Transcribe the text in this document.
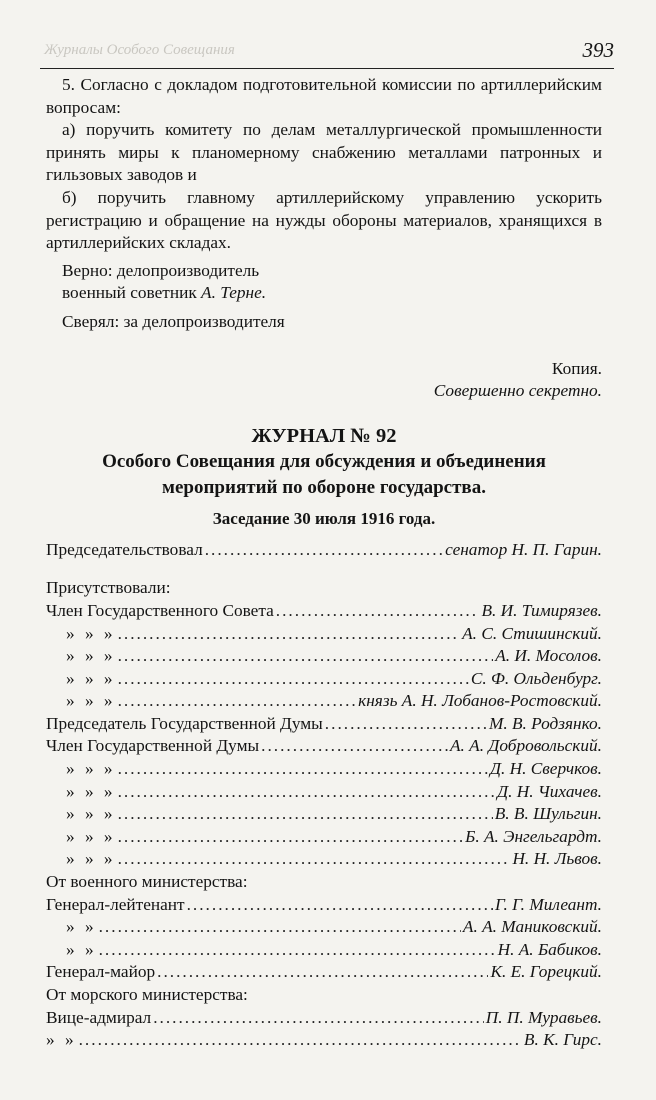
Журналы Особого Совещания	393

5. Согласно с докладом подготовительной комиссии по артиллерийским вопросам:

а) поручить комитету по делам металлургической промышленности принять миры к планомерному снабжению металлами патронных и гильзовых заводов и

б) поручить главному артиллерийскому управлению ускорить регистрацию и обращение на нужды обороны материалов, хранящихся в артиллерийских складах.

Верно: делопроизводитель

военный советник А. Терне.

Сверял: за делопроизводителя

Копия.

Совершенно секретно.

ЖУРНАЛ № 92

Особого Совещания для обсуждения и объединения

мероприятий по обороне государства.

Заседание 30 июля 1916 года.

Председательствовал .....	сенатор Н. П. Гарин.

Присутствовали:

Член Государственного Совета .....	В. И. Тимирязев.
» » » .....	А. С. Стишинский.
» » » .....	А. И. Мосолов.
» » » .....	С. Ф. Ольденбург.
» » » .....	князь А. Н. Лобанов-Ростовский.
Председатель Государственной Думы .....	М. В. Родзянко.
Член Государственной Думы .....	А. А. Добровольский.
» » » .....	Д. Н. Сверчков.
» » » .....	Д. Н. Чихачев.
» » » .....	В. В. Шульгин.
» » » .....	Б. А. Энгельгардт.
» » » .....	Н. Н. Львов.

От военного министерства:

Генерал-лейтенант .....	Г. Г. Милеант.
» » .....	А. А. Маниковский.
» » .....	Н. А. Бабиков.
Генерал-майор .....	К. Е. Горецкий.

От морского министерства:

Вице-адмирал .....	П. П. Муравьев.
» » .....	В. К. Гирс.
